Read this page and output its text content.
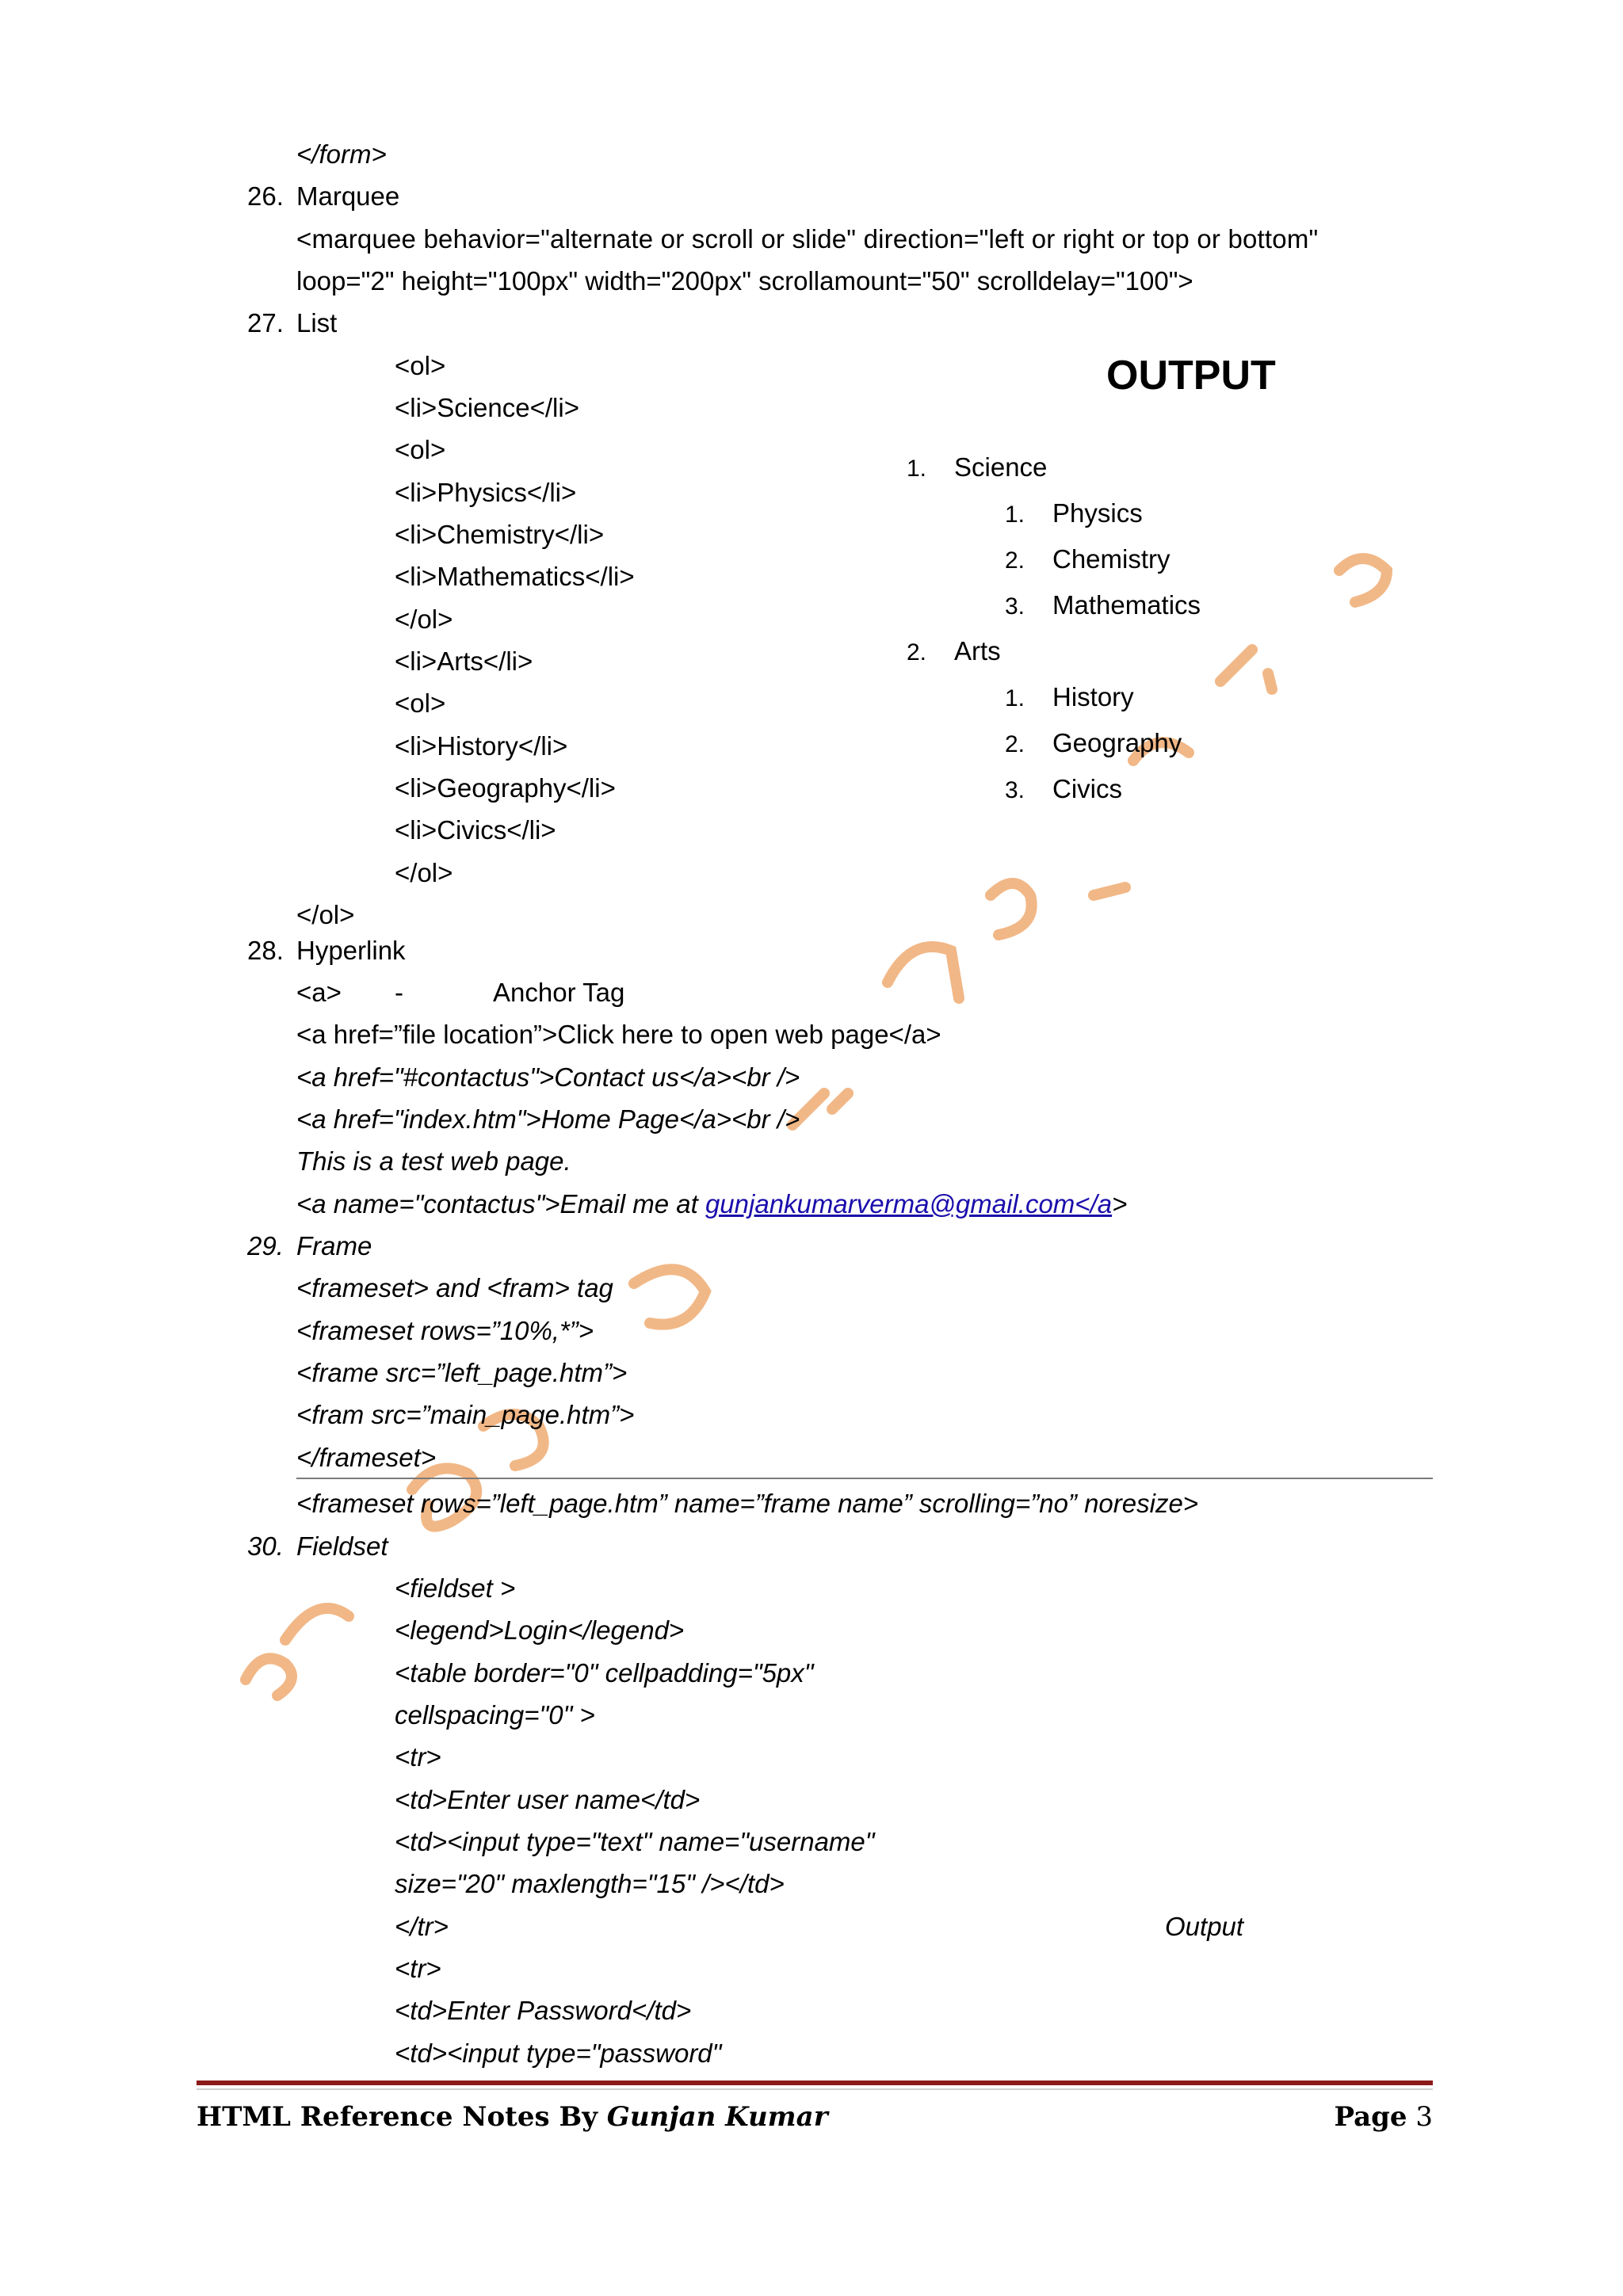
</form>
26. Marquee
<marquee behavior="alternate or scroll or slide" direction="left or right or top or bottom"
loop="2" height="100px" width="200px" scrollamount="50" scrolldelay="100">
27. List
<ol>
<li>Science</li>
<ol>
<li>Physics</li>
<li>Chemistry</li>
<li>Mathematics</li>
</ol>
<li>Arts</li>
<ol>
<li>History</li>
<li>Geography</li>
<li>Civics</li>
</ol>
</ol>
OUTPUT
1. Science
1. Physics
2. Chemistry
3. Mathematics
2. Arts
1. History
2. Geography
3. Civics
28. Hyperlink
<a> -	Anchor Tag
<a href=”file location”>Click here to open web page</a>
<a href="#contactus">Contact us</a><br />
<a href="index.htm">Home Page</a><br />
This is a test web page.
<a name="contactus">Email me at gunjankumarverma@gmail.com</a>
29. Frame
<frameset> and <fram> tag
<frameset rows=”10%,*”>
<frame src=”left_page.htm”>
<fram src=”main_page.htm”>
</frameset>
<frameset rows=”left_page.htm” name=”frame name” scrolling=”no” noresize>
30. Fieldset
<fieldset >
<legend>Login</legend>
<table border="0" cellpadding="5px"
cellspacing="0" >
<tr>
<td>Enter user name</td>
<td><input type="text" name="username"
size="20" maxlength="15" /></td>
</tr>	Output
<tr>
<td>Enter Password</td>
<td><input type="password"
HTML Reference Notes By Gunjan Kumar	Page 3
